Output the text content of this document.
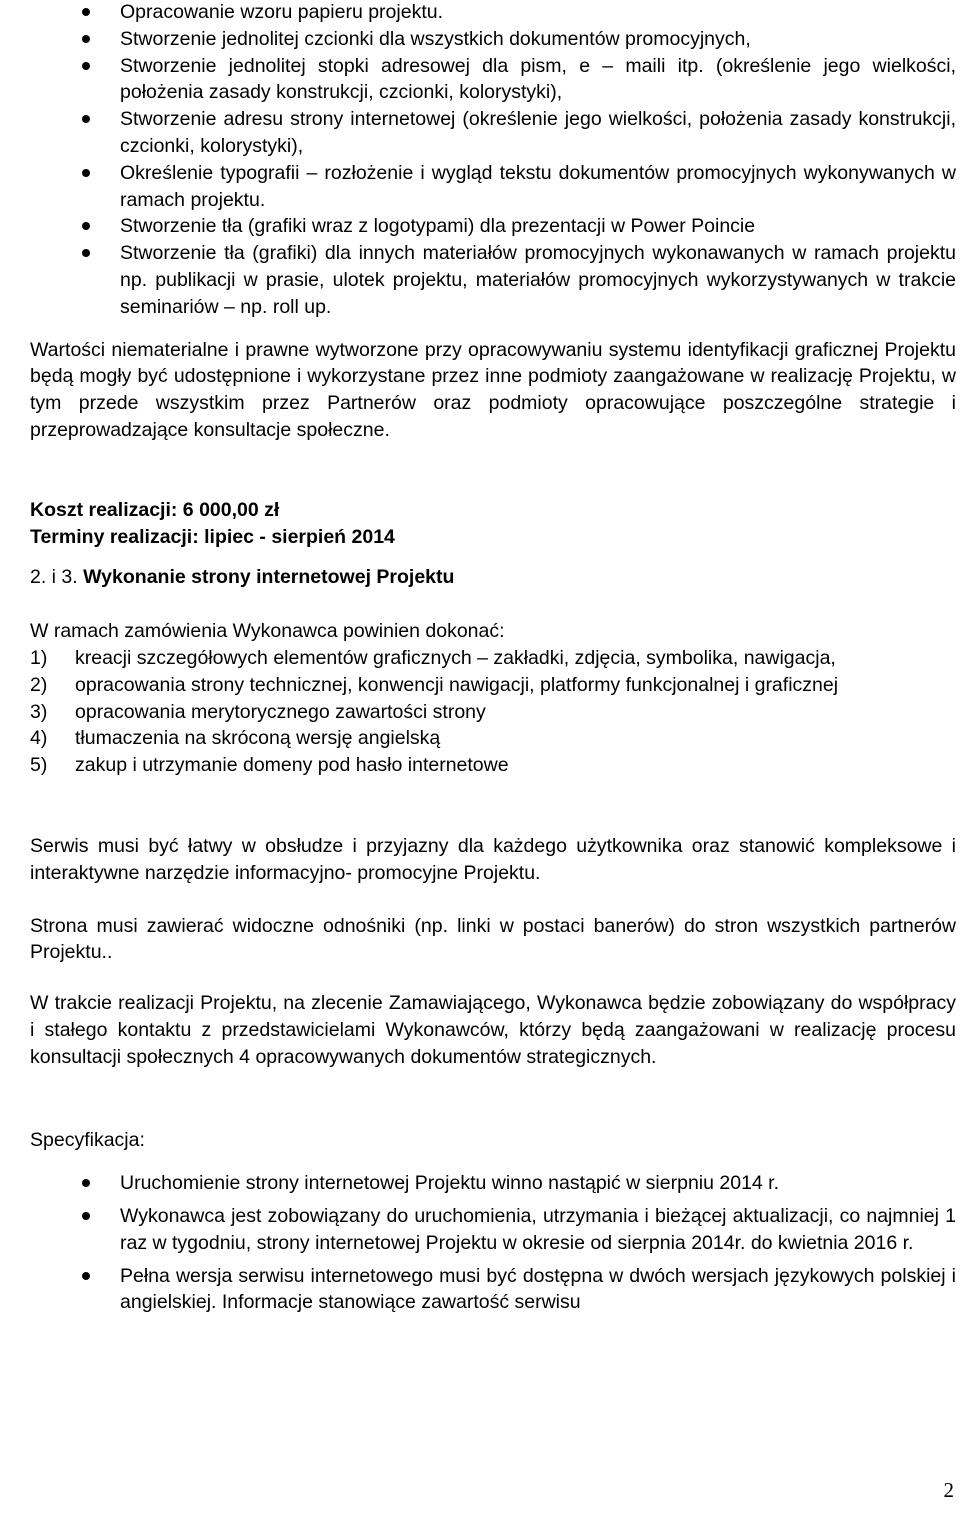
Opracowanie wzoru papieru projektu.
Stworzenie jednolitej czcionki dla wszystkich dokumentów promocyjnych,
Stworzenie jednolitej stopki adresowej dla pism, e – maili itp. (określenie jego wielkości, położenia zasady konstrukcji, czcionki, kolorystyki),
Stworzenie adresu strony internetowej (określenie jego wielkości, położenia zasady konstrukcji, czcionki, kolorystyki),
Określenie typografii – rozłożenie i wygląd tekstu dokumentów promocyjnych wykonywanych w ramach projektu.
Stworzenie tła (grafiki wraz z logotypami) dla prezentacji w Power Poincie
Stworzenie tła (grafiki) dla innych materiałów promocyjnych wykonawanych w ramach projektu np. publikacji w prasie, ulotek projektu, materiałów promocyjnych wykorzystywanych w trakcie seminariów – np. roll up.

Wartości niematerialne i prawne wytworzone przy opracowywaniu systemu identyfikacji graficznej Projektu będą mogły być udostępnione i wykorzystane przez inne podmioty zaangażowane w realizację Projektu, w tym przede wszystkim przez Partnerów oraz podmioty opracowujące poszczególne strategie i przeprowadzające konsultacje społeczne.

Koszt realizacji: 6 000,00 zł

Terminy realizacji: lipiec - sierpień 2014

2. i 3. Wykonanie strony internetowej Projektu

W ramach zamówienia Wykonawca powinien dokonać:

1) kreacji szczegółowych elementów graficznych – zakładki, zdjęcia, symbolika, nawigacja,
2) opracowania strony technicznej, konwencji nawigacji, platformy funkcjonalnej i graficznej
3) opracowania merytorycznego zawartości strony
4) tłumaczenia na skróconą wersję angielską
5) zakup i utrzymanie domeny pod hasło internetowe

Serwis musi być łatwy w obsłudze i przyjazny dla każdego użytkownika oraz stanowić kompleksowe i interaktywne narzędzie informacyjno- promocyjne Projektu.

Strona musi zawierać widoczne odnośniki (np. linki w postaci banerów) do stron wszystkich partnerów Projektu..

W trakcie realizacji Projektu, na zlecenie Zamawiającego, Wykonawca będzie zobowiązany do współpracy i stałego kontaktu z przedstawicielami Wykonawców, którzy będą zaangażowani w realizację procesu konsultacji społecznych 4 opracowywanych dokumentów strategicznych.

Specyfikacja:

Uruchomienie strony internetowej Projektu winno nastąpić w sierpniu 2014 r.
Wykonawca jest zobowiązany do uruchomienia, utrzymania i bieżącej aktualizacji, co najmniej 1 raz w tygodniu, strony internetowej Projektu w okresie od sierpnia 2014r. do kwietnia 2016 r.
Pełna wersja serwisu internetowego musi być dostępna w dwóch wersjach językowych polskiej i angielskiej. Informacje stanowiące zawartość serwisu
2
